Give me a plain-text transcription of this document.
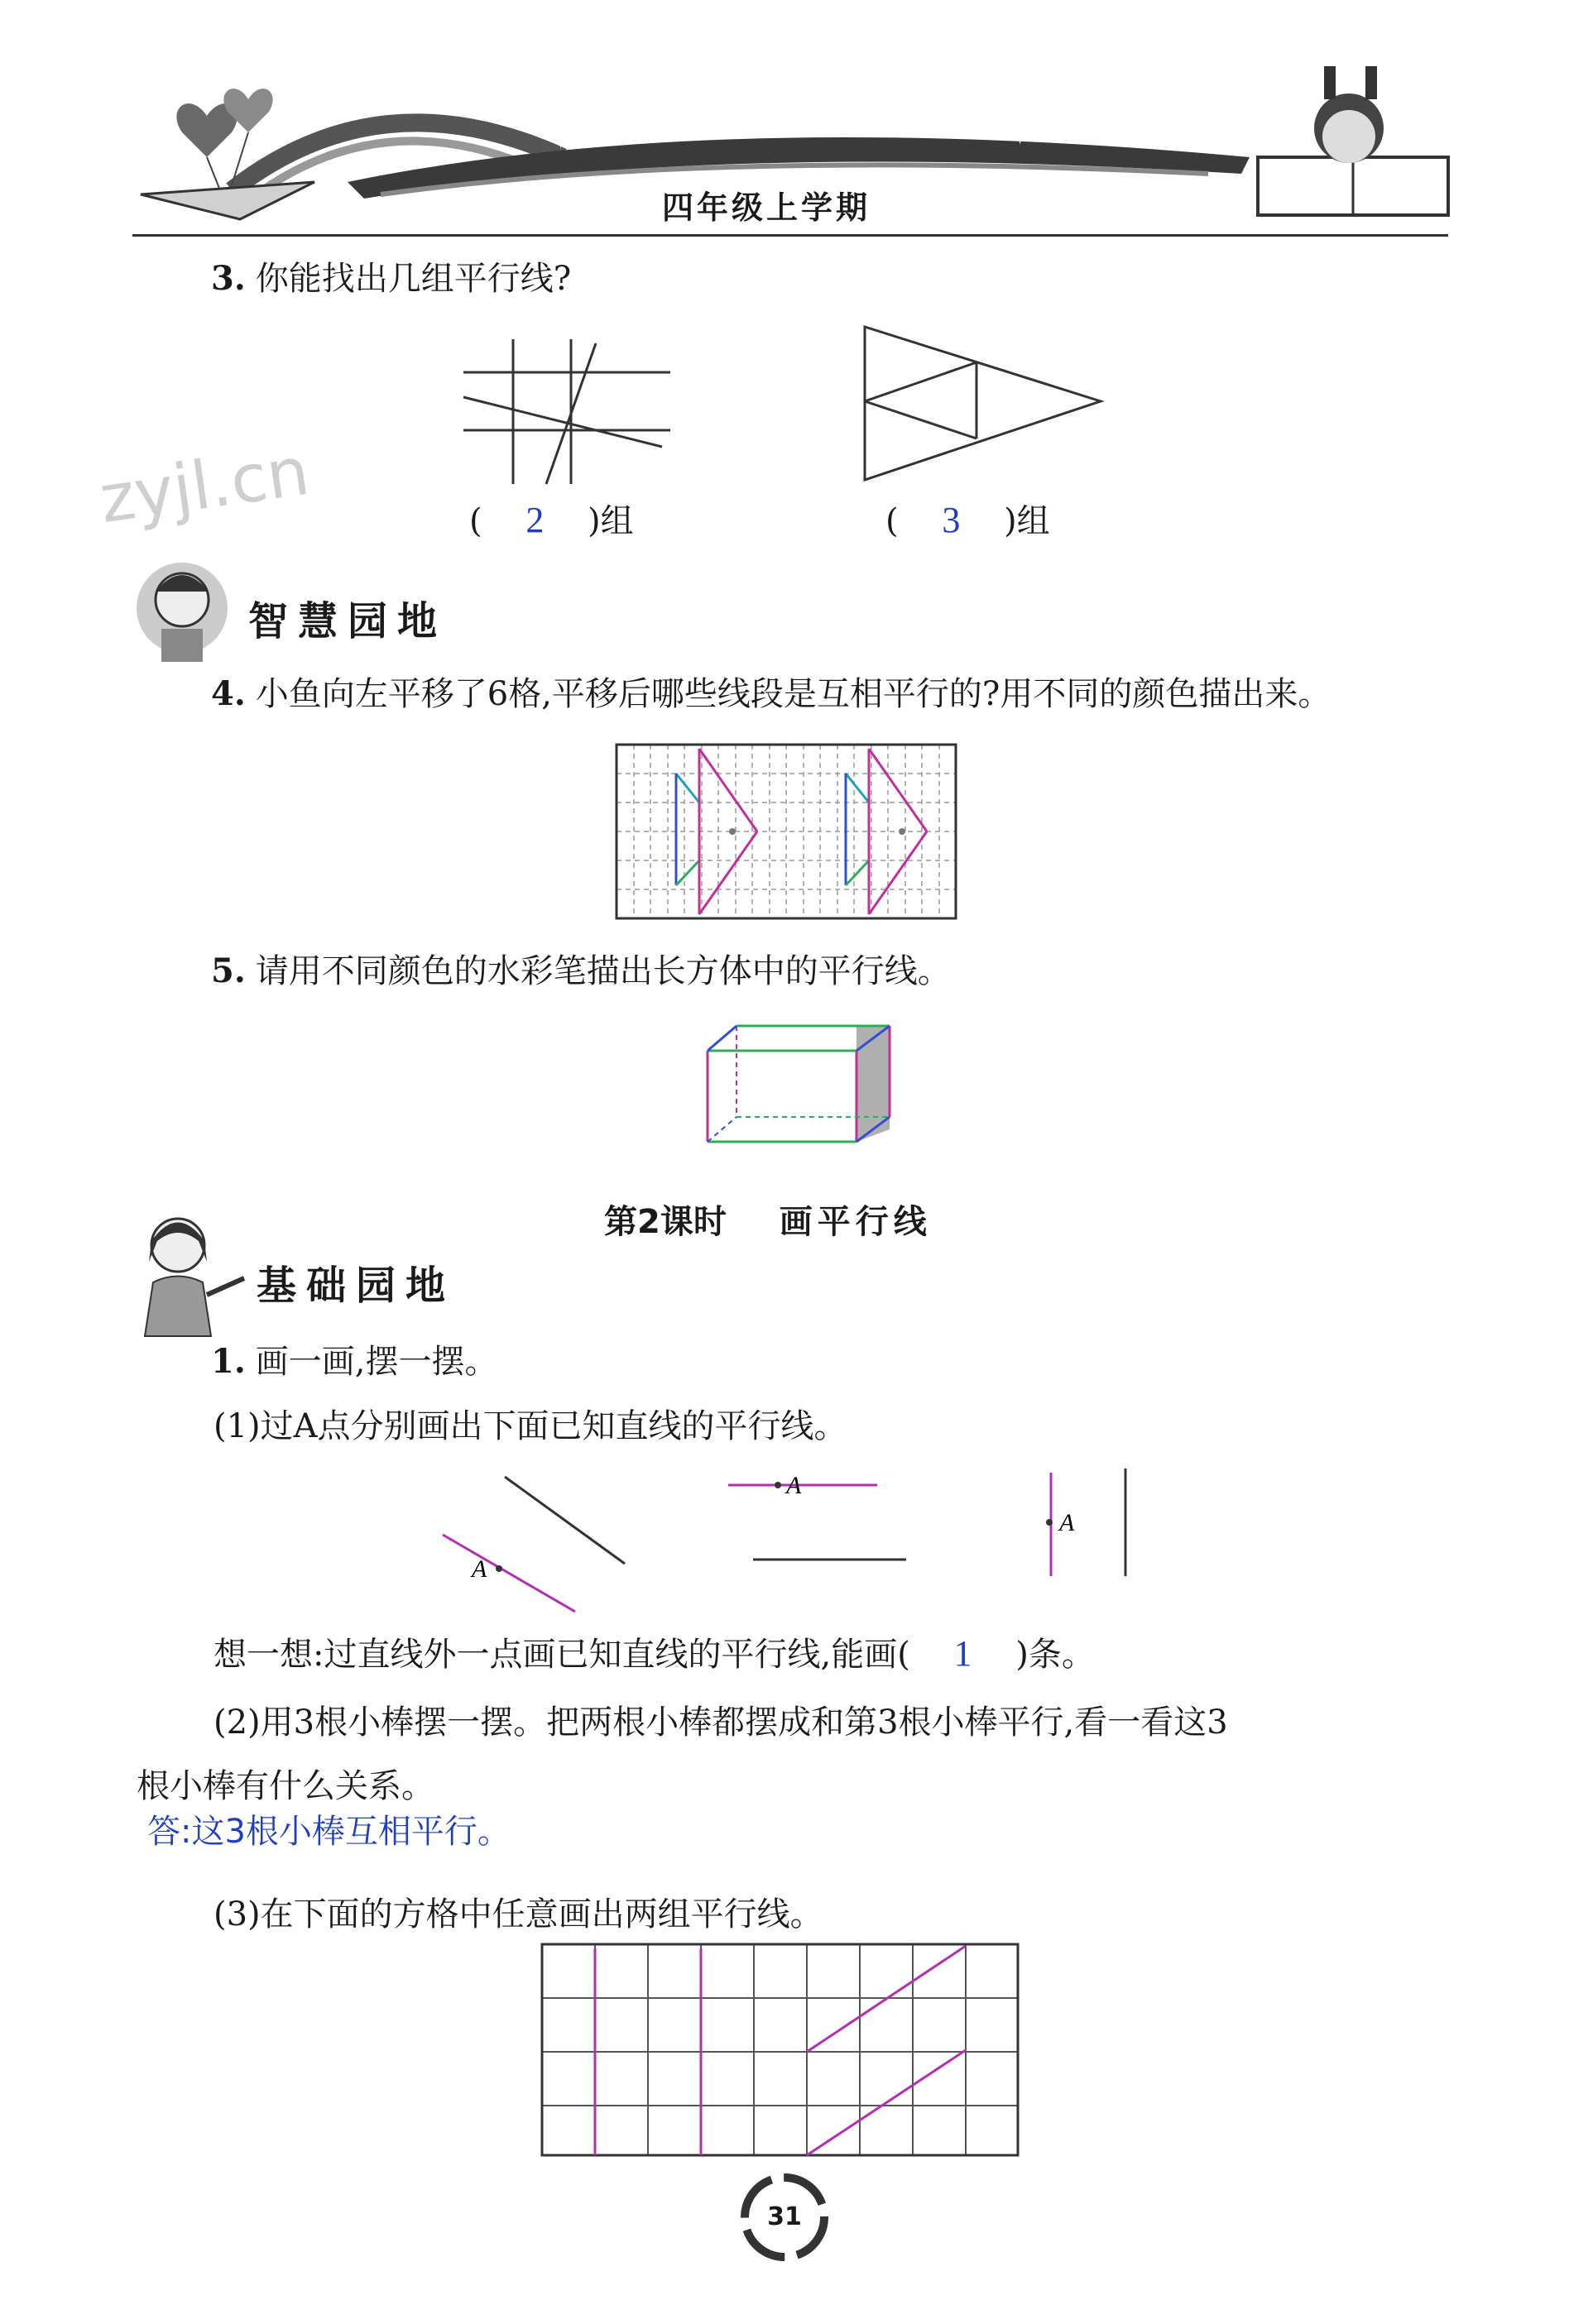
✦	✦
四年级上学期
zyjl.cn
3. 你能找出几组平行线?
( 2 )组	( 3 )组
智慧园地
4. 小鱼向左平移了6格,平移后哪些线段是互相平行的?用不同的颜色描出来。
5. 请用不同颜色的水彩笔描出长方体中的平行线。
第2课时 画平行线
基础园地
1. 画一画,摆一摆。
(1)过A点分别画出下面已知直线的平行线。
A
A
A
想一想:过直线外一点画已知直线的平行线,能画( 1 )条。
(2)用3根小棒摆一摆。把两根小棒都摆成和第3根小棒平行,看一看这3
根小棒有什么关系。
答:这3根小棒互相平行。
(3)在下面的方格中任意画出两组平行线。
31
